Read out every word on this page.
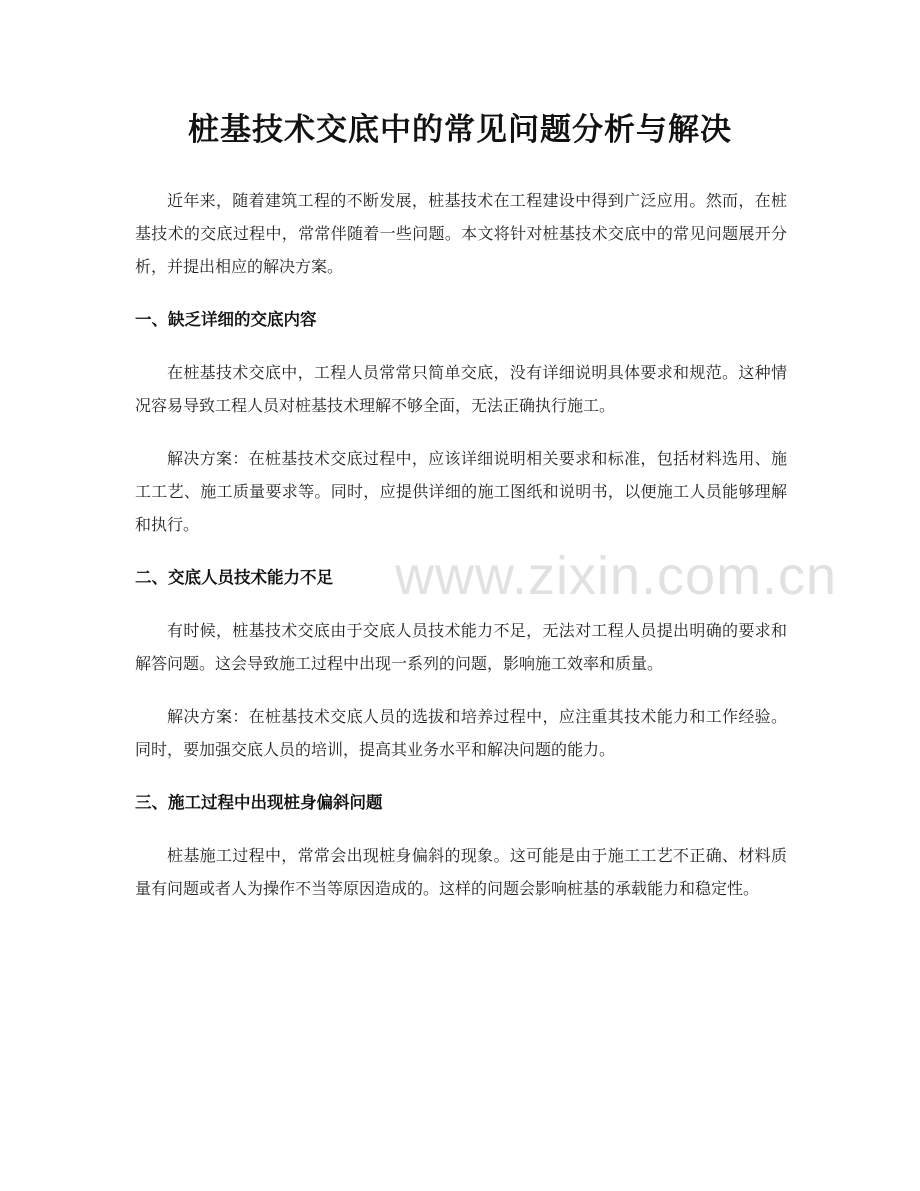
桩基技术交底中的常见问题分析与解决

近年来，随着建筑工程的不断发展，桩基技术在工程建设中得到广泛应用。然而，在桩基技术的交底过程中，常常伴随着一些问题。本文将针对桩基技术交底中的常见问题展开分析，并提出相应的解决方案。

一、缺乏详细的交底内容

在桩基技术交底中，工程人员常常只简单交底，没有详细说明具体要求和规范。这种情况容易导致工程人员对桩基技术理解不够全面，无法正确执行施工。

解决方案：在桩基技术交底过程中，应该详细说明相关要求和标准，包括材料选用、施工工艺、施工质量要求等。同时，应提供详细的施工图纸和说明书，以便施工人员能够理解和执行。

二、交底人员技术能力不足

有时候，桩基技术交底由于交底人员技术能力不足，无法对工程人员提出明确的要求和解答问题。这会导致施工过程中出现一系列的问题，影响施工效率和质量。

解决方案：在桩基技术交底人员的选拔和培养过程中，应注重其技术能力和工作经验。同时，要加强交底人员的培训，提高其业务水平和解决问题的能力。

三、施工过程中出现桩身偏斜问题

桩基施工过程中，常常会出现桩身偏斜的现象。这可能是由于施工工艺不正确、材料质量有问题或者人为操作不当等原因造成的。这样的问题会影响桩基的承载能力和稳定性。

www.zixin.com.cn
